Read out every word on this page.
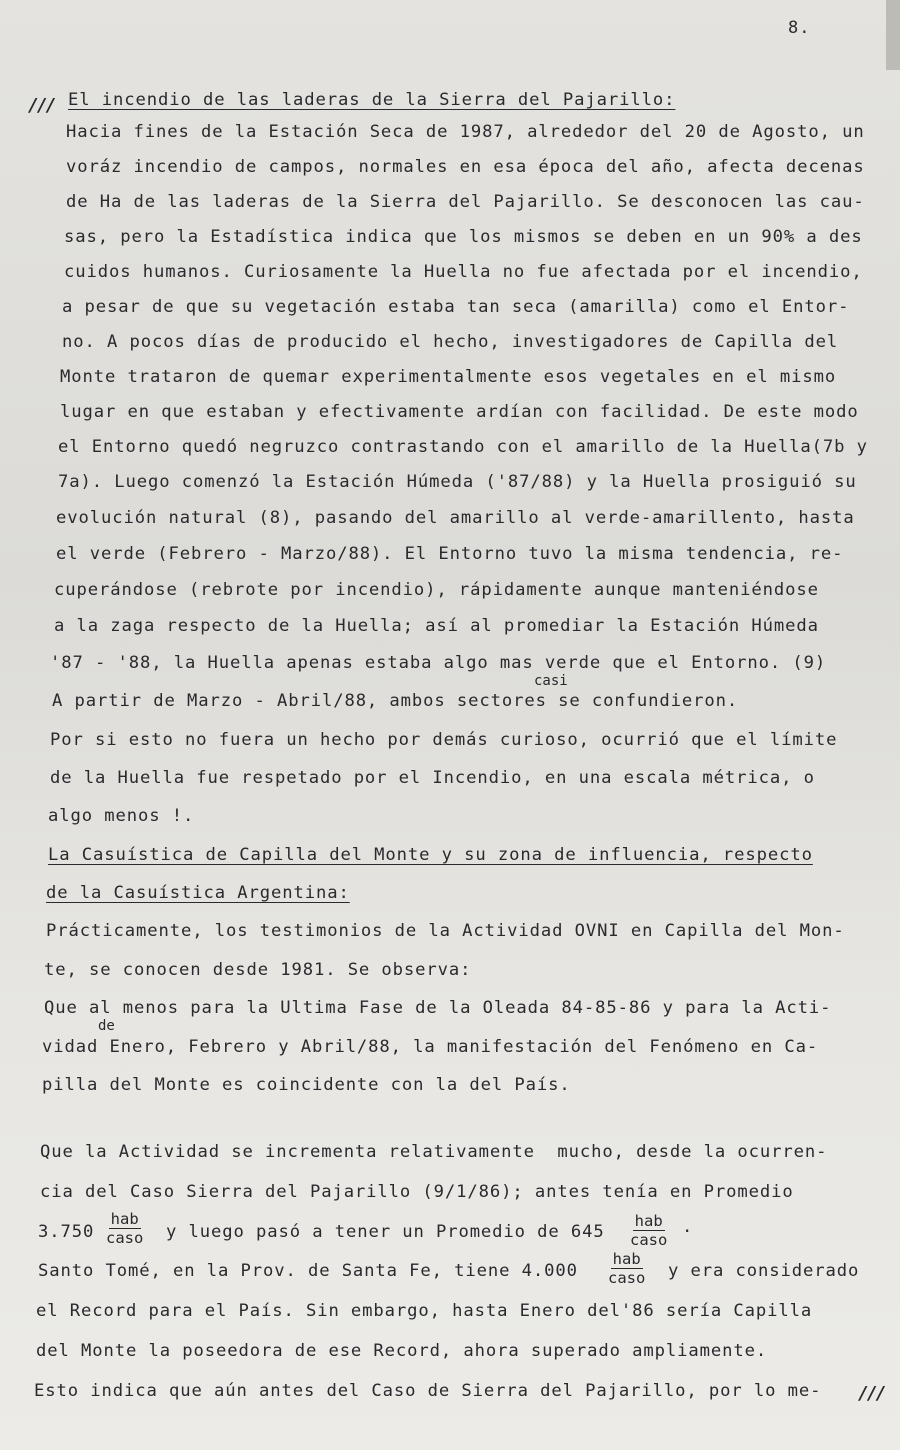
8.
/// El incendio de las laderas de la Sierra del Pajarillo:
Hacia fines de la Estación Seca de 1987, alrededor del 20 de Agosto, un
voráz incendio de campos, normales en esa época del año, afecta decenas
de Ha de las laderas de la Sierra del Pajarillo. Se desconocen las cau-
sas, pero la Estadística indica que los mismos se deben en un 90% a des
cuidos humanos. Curiosamente la Huella no fue afectada por el incendio,
a pesar de que su vegetación estaba tan seca (amarilla) como el Entor-
no. A pocos días de producido el hecho, investigadores de Capilla del
Monte trataron de quemar experimentalmente esos vegetales en el mismo
lugar en que estaban y efectivamente ardían con facilidad. De este modo
el Entorno quedó negruzco contrastando con el amarillo de la Huella(7b y
7a). Luego comenzó la Estación Húmeda ('87/88) y la Huella prosiguió su
evolución natural (8), pasando del amarillo al verde-amarillento, hasta
el verde (Febrero - Marzo/88). El Entorno tuvo la misma tendencia, re-
cuperándose (rebrote por incendio), rápidamente aunque manteniéndose
a la zaga respecto de la Huella; así al promediar la Estación Húmeda
'87 - '88, la Huella apenas estaba algo mas verde que el Entorno. (9)
casi
A partir de Marzo - Abril/88, ambos sectores se confundieron.
Por si esto no fuera un hecho por demás curioso, ocurrió que el límite
de la Huella fue respetado por el Incendio, en una escala métrica, o
algo menos !.
La Casuística de Capilla del Monte y su zona de influencia, respecto
de la Casuística Argentina:
Prácticamente, los testimonios de la Actividad OVNI en Capilla del Mon-
te, se conocen desde 1981. Se observa:
Que al menos para la Ultima Fase de la Oleada 84-85-86 y para la Acti-
de
vidad Enero, Febrero y Abril/88, la manifestación del Fenómeno en Ca-
pilla del Monte es coincidente con la del País.
Que la Actividad se incrementa relativamente  mucho, desde la ocurren-
cia del Caso Sierra del Pajarillo (9/1/86); antes tenía en Promedio
3.750
hab
caso y luego pasó a tener un Promedio de 645
hab
caso
.
Santo Tomé, en la Prov. de Santa Fe, tiene 4.000
hab
caso y era considerado
el Record para el País. Sin embargo, hasta Enero del'86 sería Capilla
del Monte la poseedora de ese Record, ahora superado ampliamente.
Esto indica que aún antes del Caso de Sierra del Pajarillo, por lo me- ///
